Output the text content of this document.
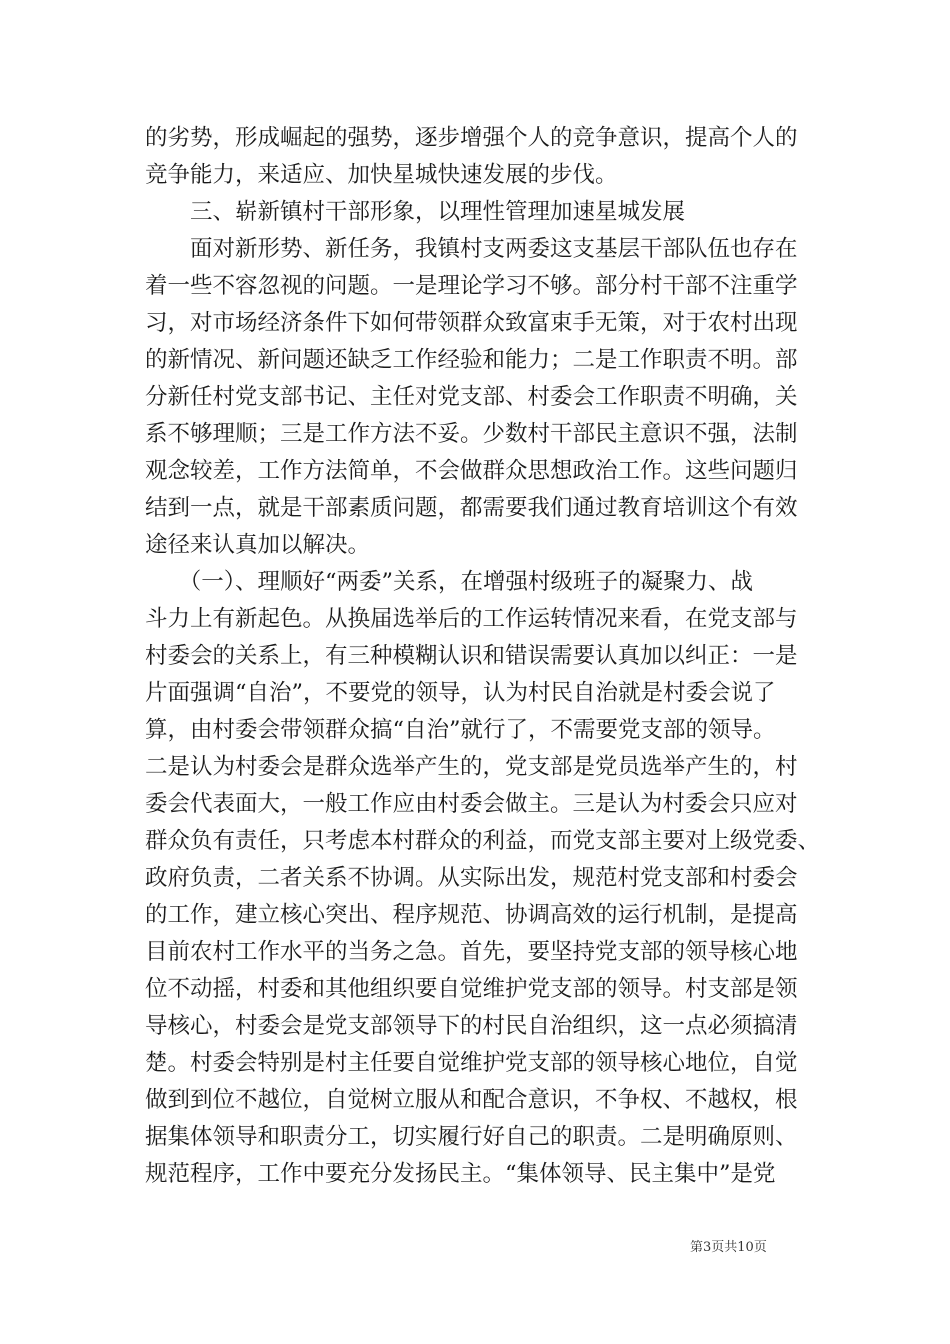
的劣势，形成崛起的强势，逐步增强个人的竞争意识，提高个人的
竞争能力，来适应、加快星城快速发展的步伐。
　　三、崭新镇村干部形象，以理性管理加速星城发展
　　面对新形势、新任务，我镇村支两委这支基层干部队伍也存在
着一些不容忽视的问题。一是理论学习不够。部分村干部不注重学
习，对市场经济条件下如何带领群众致富束手无策，对于农村出现
的新情况、新问题还缺乏工作经验和能力；二是工作职责不明。部
分新任村党支部书记、主任对党支部、村委会工作职责不明确，关
系不够理顺；三是工作方法不妥。少数村干部民主意识不强，法制
观念较差，工作方法简单，不会做群众思想政治工作。这些问题归
结到一点，就是干部素质问题，都需要我们通过教育培训这个有效
途径来认真加以解决。
　　（一）、理顺好“两委”关系，在增强村级班子的凝聚力、战
斗力上有新起色。从换届选举后的工作运转情况来看，在党支部与
村委会的关系上，有三种模糊认识和错误需要认真加以纠正：一是
片面强调“自治”，不要党的领导，认为村民自治就是村委会说了
算，由村委会带领群众搞“自治”就行了，不需要党支部的领导。
二是认为村委会是群众选举产生的，党支部是党员选举产生的，村
委会代表面大，一般工作应由村委会做主。三是认为村委会只应对
群众负有责任，只考虑本村群众的利益，而党支部主要对上级党委、
政府负责，二者关系不协调。从实际出发，规范村党支部和村委会
的工作，建立核心突出、程序规范、协调高效的运行机制，是提高
目前农村工作水平的当务之急。首先，要坚持党支部的领导核心地
位不动摇，村委和其他组织要自觉维护党支部的领导。村支部是领
导核心，村委会是党支部领导下的村民自治组织，这一点必须搞清
楚。村委会特别是村主任要自觉维护党支部的领导核心地位，自觉
做到到位不越位，自觉树立服从和配合意识，不争权、不越权，根
据集体领导和职责分工，切实履行好自己的职责。二是明确原则、
规范程序，工作中要充分发扬民主。“集体领导、民主集中”是党
第3页共10页
